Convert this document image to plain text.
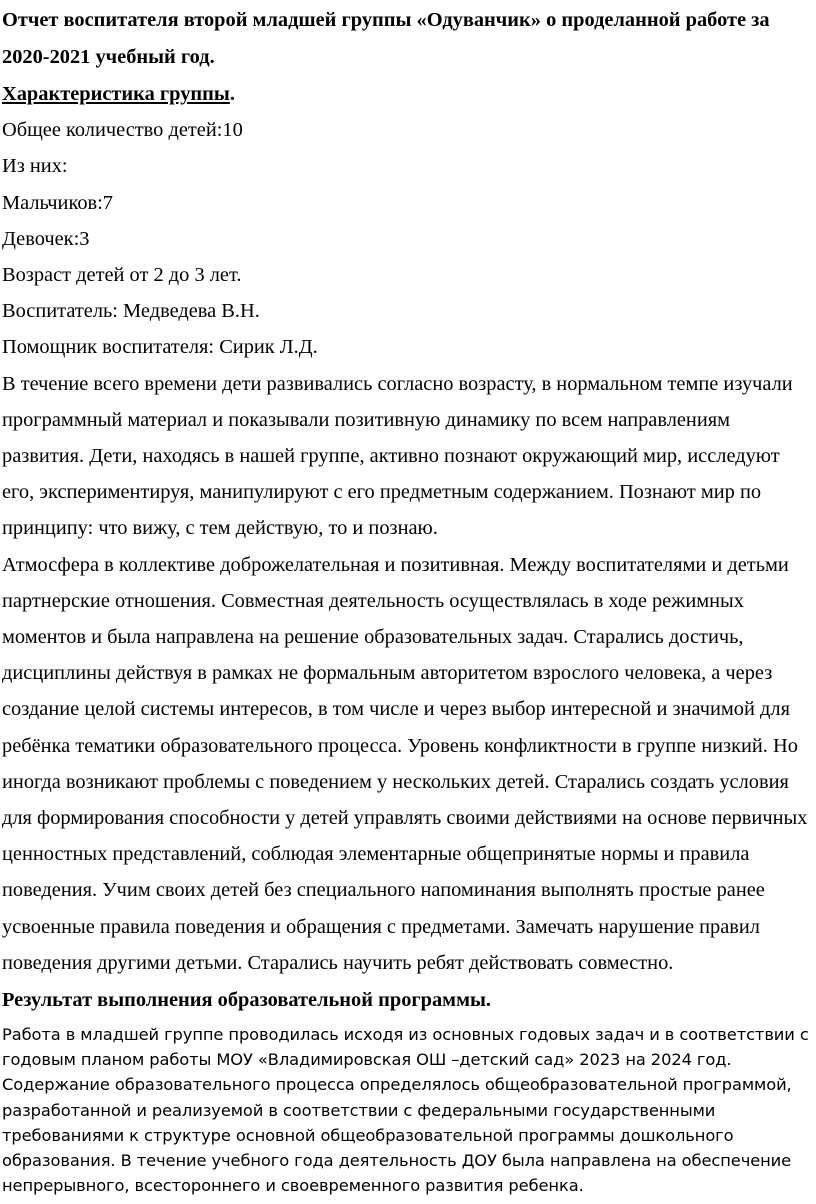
Отчет воспитателя второй младшей группы «Одуванчик» о проделанной работе за 2020-2021 учебный год.

Характеристика группы.

Общее количество детей:10
Из них:
Мальчиков:7
Девочек:3
Возраст детей от 2 до 3 лет.
Воспитатель: Медведева В.Н.
Помощник воспитателя: Сирик Л.Д.

В течение всего времени дети развивались согласно возрасту, в нормальном темпе изучали программный материал и показывали позитивную динамику по всем направлениям развития. Дети, находясь в нашей группе, активно познают окружающий мир, исследуют его, экспериментируя, манипулируют с его предметным содержанием. Познают мир по принципу: что вижу, с тем действую, то и познаю.

Атмосфера в коллективе доброжелательная и позитивная. Между воспитателями и детьми партнерские отношения. Совместная деятельность осуществлялась в ходе режимных моментов и была направлена на решение образовательных задач. Старались достичь, дисциплины действуя в рамках не формальным авторитетом взрослого человека, а через создание целой системы интересов, в том числе и через выбор интересной и значимой для ребёнка тематики образовательного процесса. Уровень конфликтности в группе низкий. Но иногда возникают проблемы с поведением у нескольких детей. Старались создать условия для формирования способности у детей управлять своими действиями на основе первичных ценностных представлений, соблюдая элементарные общепринятые нормы и правила поведения. Учим своих детей без специального напоминания выполнять простые ранее усвоенные правила поведения и обращения с предметами. Замечать нарушение правил поведения другими детьми. Старались научить ребят действовать совместно.

Результат выполнения образовательной программы.

Работа в младшей группе проводилась исходя из основных годовых задач и в соответствии с годовым планом работы МОУ «Владимировская ОШ –детский сад» 2023 на 2024 год. Содержание образовательного процесса определялось общеобразовательной программой, разработанной и реализуемой в соответствии с федеральными государственными требованиями к структуре основной общеобразовательной программы дошкольного образования. В течение учебного года деятельность ДОУ была направлена на обеспечение непрерывного, всестороннего и своевременного развития ребенка.
